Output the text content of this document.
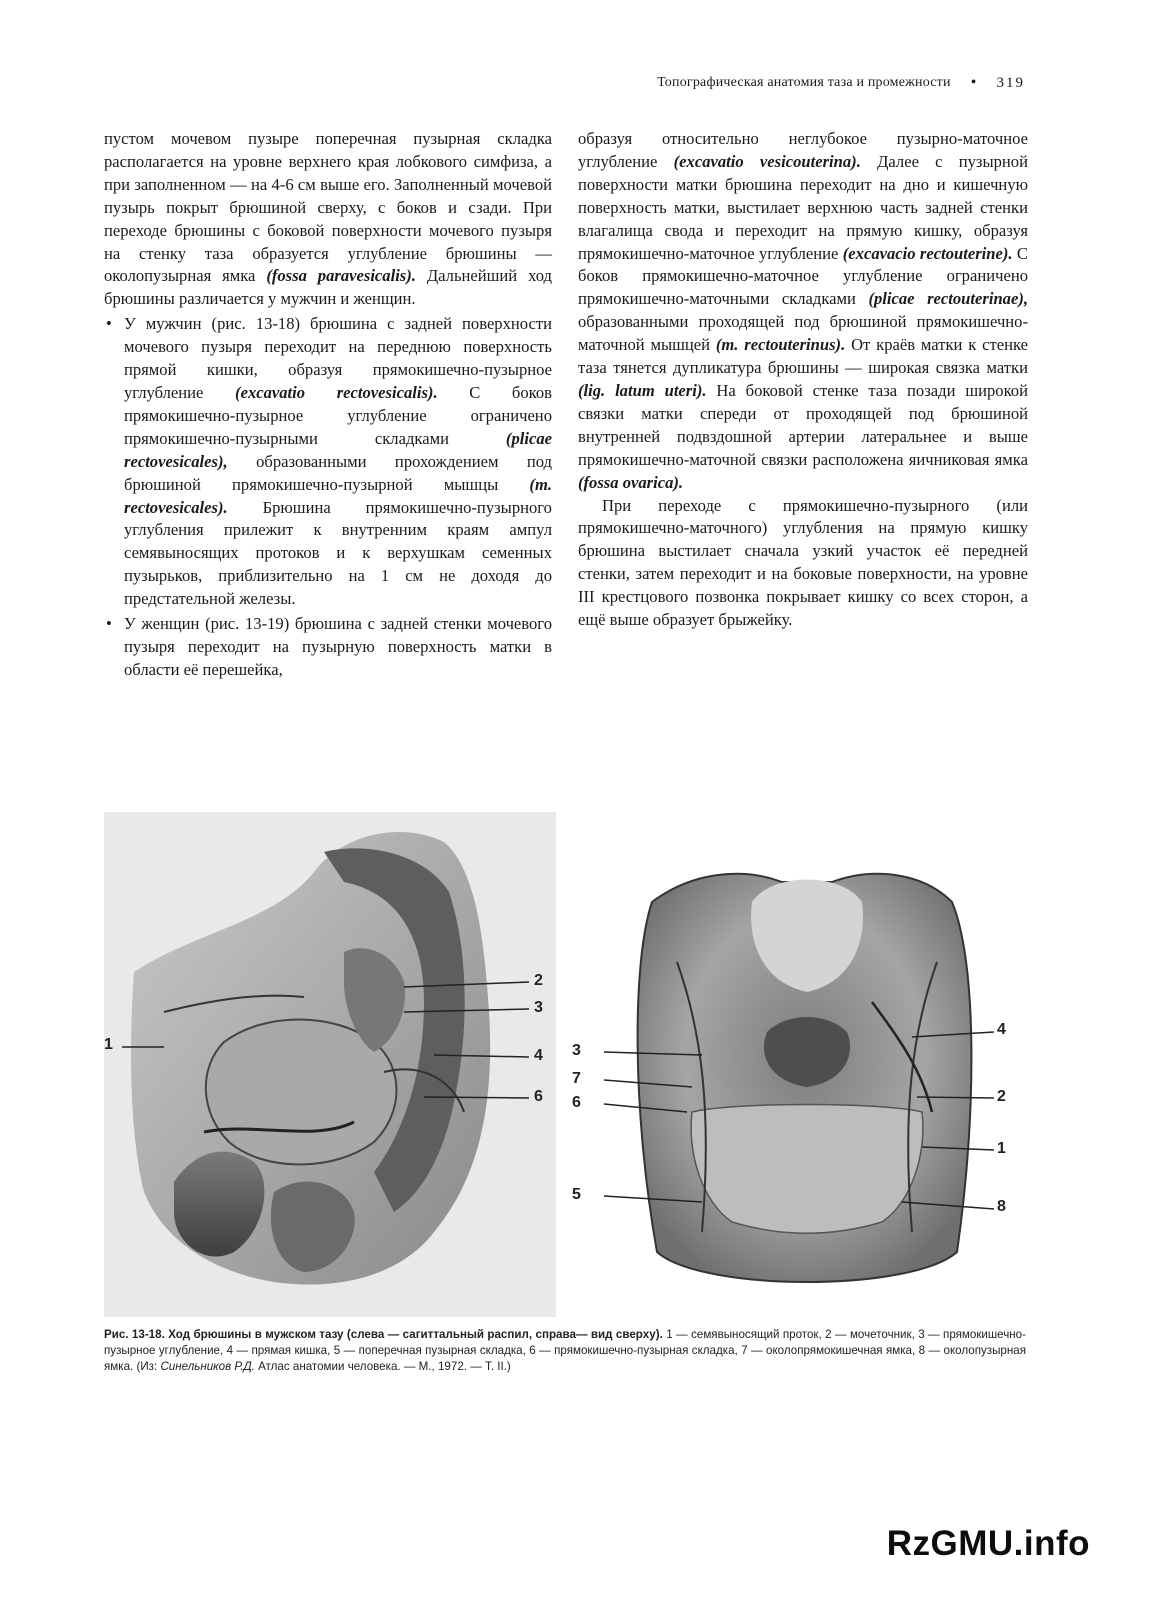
Топографическая анатомия таза и промежности • 319

пустом мочевом пузыре поперечная пузырная складка располагается на уровне верхнего края лобкового симфиза, а при заполненном — на 4-6 см выше его. Заполненный мочевой пузырь покрыт брюшиной сверху, с боков и сзади. При переходе брюшины с боковой поверхности мочевого пузыря на стенку таза образуется углубление брюшины — околопузырная ямка (fossa paravesicalis). Дальнейший ход брюшины различается у мужчин и женщин.

• У мужчин (рис. 13-18) брюшина с задней поверхности мочевого пузыря переходит на переднюю поверхность прямой кишки, образуя прямокишечно-пузырное углубление (excavatio rectovesicalis). С боков прямокишечно-пузырное углубление ограничено прямокишечно-пузырными складками	(plicae rectovesicales), образованными прохождением под брюшиной прямокишечно-пузырной мышцы (m. rectovesicales). Брюшина прямокишечно-пузырного углубления прилежит к внутренним краям ампул семявыносящих протоков и к верхушкам семенных пузырьков, приблизительно на 1 см не доходя до предстательной железы.

• У женщин (рис. 13-19) брюшина с задней стенки мочевого пузыря переходит на пузырную поверхность матки в области её перешейка,

образуя относительно неглубокое пузырно-маточное углубление (excavatio vesicouterina). Далее с пузырной поверхности матки брюшина переходит на дно и кишечную поверхность матки, выстилает верхнюю часть задней стенки влагалища свода и переходит на прямую кишку, образуя прямокишечно-маточное углубление (excavacio rectouterine). С боков прямокишечно-маточное углубление ограничено прямокишечно-маточными складками (plicae rectouterinae), образованными проходящей под брюшиной прямокишечно-маточной мышцей (m. rectouterinus). От краёв матки к стенке таза тянется дупликатура брюшины — широкая связка матки (lig. latum uteri). На боковой стенке таза позади широкой связки матки спереди от проходящей под брюшиной внутренней подвздошной артерии латеральнее и выше прямокишечно-маточной связки расположена яичниковая ямка (fossa ovarica).

При переходе с прямокишечно-пузырного (или прямокишечно-маточного) углубления на прямую кишку брюшина выстилает сначала узкий участок её передней стенки, затем переходит и на боковые поверхности, на уровне III крестцового позвонка покрывает кишку со всех сторон, а ещё выше образует брыжейку.

1
2
3
4
6
3
7
6
5
4
2
1
8
Рис. 13-18. Ход брюшины в мужском тазу (слева — сагиттальный распил, справа— вид сверху). 1 — семявыносящий проток, 2 — мочеточник, 3 — прямокишечно-пузырное углубление, 4 — прямая кишка, 5 — поперечная пузырная складка, 6 — прямокишечно-пузырная складка, 7 — околопрямокишечная ямка, 8 — околопузырная ямка. (Из: Синельников Р.Д. Атлас анатомии человека. — М., 1972. — Т. II.)
RzGMU.info
